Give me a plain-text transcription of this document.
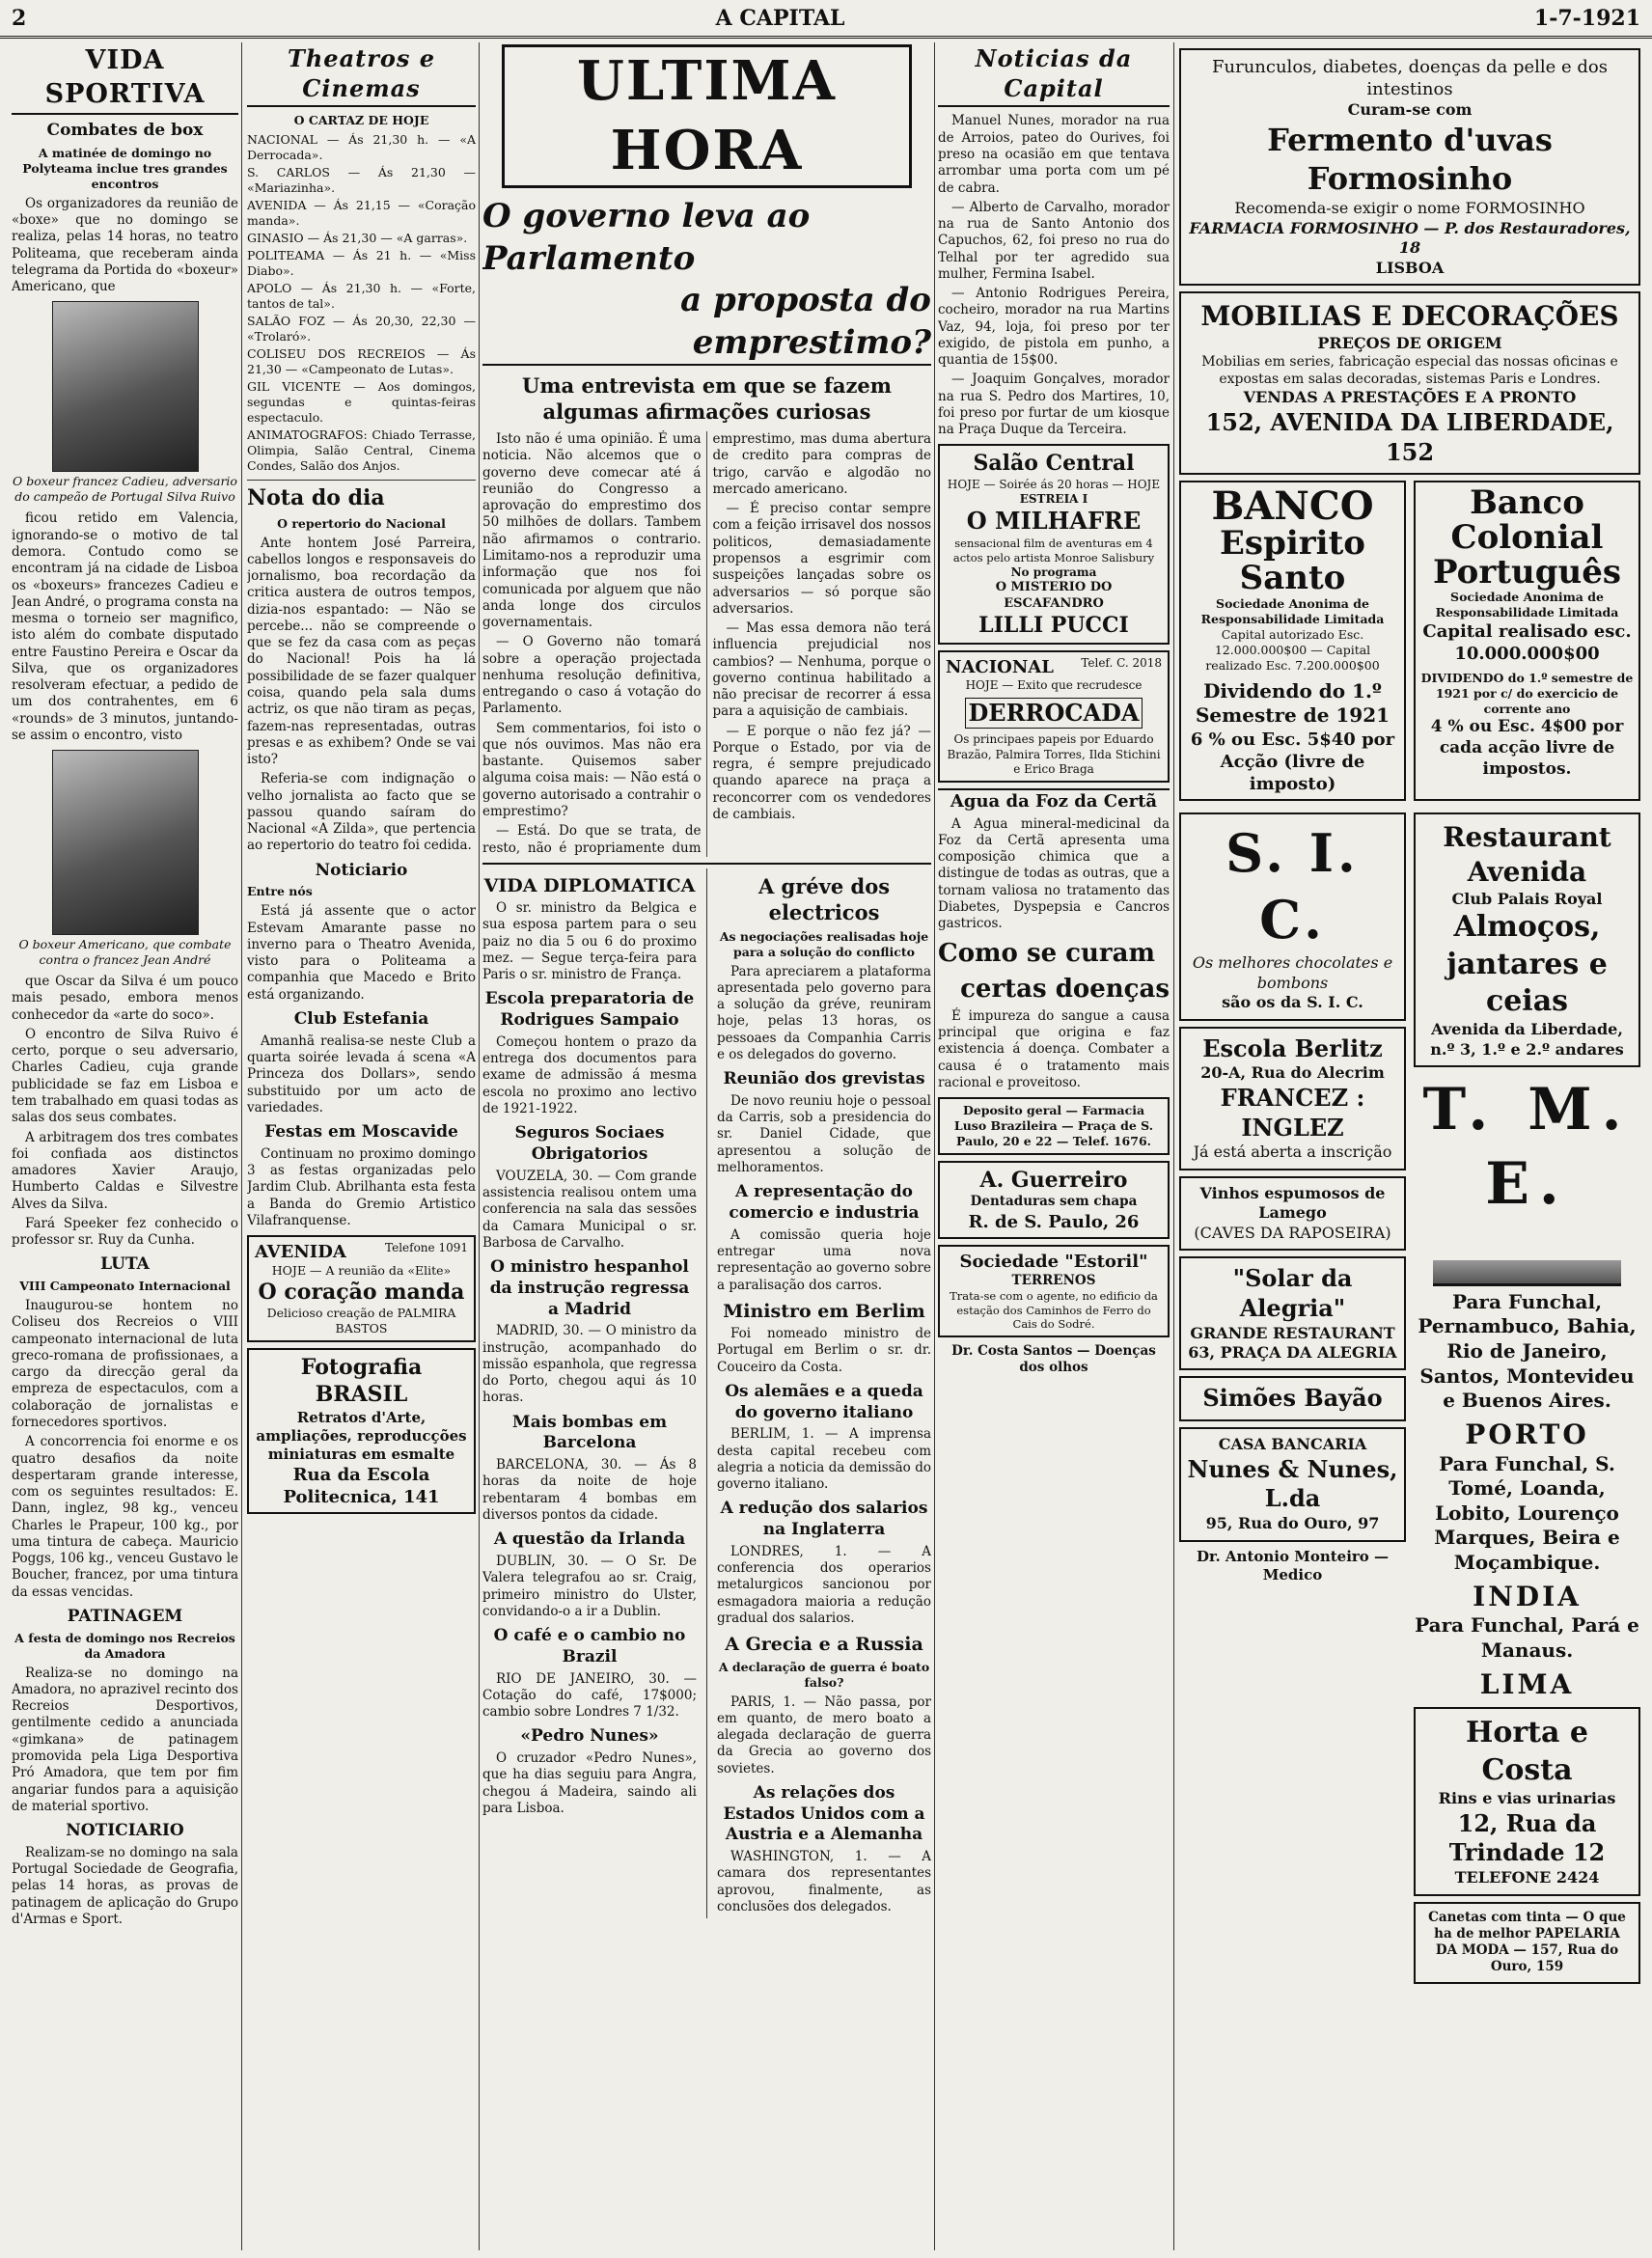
2	A CAPITAL	1-7-1921
VIDA SPORTIVA
Combates de box
A matinée de domingo no Polyteama inclue tres grandes encontros

Os organizadores da reunião de «boxe» que no domingo se realiza, pelas 14 horas, no teatro Politeama, que receberam ainda telegrama da Portida do «boxeur» Americano, que

O boxeur francez Cadieu, adversario do campeão de Portugal Silva Ruivo

ficou retido em Valencia, ignorando-se o motivo de tal demora. Contudo como se encontram já na cidade de Lisboa os «boxeurs» francezes Cadieu e Jean André, o programa consta na mesma o torneio ser magnifico, isto além do combate disputado entre Faustino Pereira e Oscar da Silva, que os organizadores resolveram efectuar, a pedido de um dos contrahentes, em 6 «rounds» de 3 minutos, juntando-se assim o encontro, visto

O boxeur Americano, que combate contra o francez Jean André

que Oscar da Silva é um pouco mais pesado, embora menos conhecedor da «arte do soco».

O encontro de Silva Ruivo é certo, porque o seu adversario, Charles Cadieu, cuja grande publicidade se faz em Lisboa e tem trabalhado em quasi todas as salas dos seus combates.

A arbitragem dos tres combates foi confiada aos distinctos amadores Xavier Araujo, Humberto Caldas e Silvestre Alves da Silva.

Fará Speeker fez conhecido o professor sr. Ruy da Cunha.

LUTA
VIII Campeonato Internacional

Inaugurou-se hontem no Coliseu dos Recreios o VIII campeonato internacional de luta greco-romana de profissionaes, a cargo da direcção geral da empreza de espectaculos, com a colaboração de jornalistas e fornecedores sportivos.

A concorrencia foi enorme e os quatro desafios da noite despertaram grande interesse, com os seguintes resultados: E. Dann, inglez, 98 kg., venceu Charles le Prapeur, 100 kg., por uma tintura de cabeça. Mauricio Poggs, 106 kg., venceu Gustavo le Boucher, francez, por uma tintura da essas vencidas.

PATINAGEM
A festa de domingo nos Recreios da Amadora

Realiza-se no domingo na Amadora, no aprazivel recinto dos Recreios Desportivos, gentilmente cedido a anunciada «gimkana» de patinagem promovida pela Liga Desportiva Pró Amadora, que tem por fim angariar fundos para a aquisição de material sportivo.

NOTICIARIO

Realizam-se no domingo na sala Portugal Sociedade de Geografia, pelas 14 horas, as provas de patinagem de aplicação do Grupo d'Armas e Sport.

Theatros e Cinemas
O CARTAZ DE HOJE
NACIONAL — Ás 21,30 h. — «A Derrocada».
S. CARLOS — Ás 21,30 — «Mariazinha».
AVENIDA — Ás 21,15 — «Coração manda».
GINASIO — Ás 21,30 — «A garras».
POLITEAMA — Ás 21 h. — «Miss Diabo».
APOLO — Ás 21,30 h. — «Forte, tantos de tal».
SALÃO FOZ — Ás 20,30, 22,30 — «Trolaró».
COLISEU DOS RECREIOS — Ás 21,30 — «Campeonato de Lutas».
GIL VICENTE — Aos domingos, segundas e quintas-feiras espectaculo.
ANIMATOGRAFOS: Chiado Terrasse, Olimpia, Salão Central, Cinema Condes, Salão dos Anjos.
Nota do dia
O repertorio do Nacional

Ante hontem José Parreira, cabellos longos e responsaveis do jornalismo, boa recordação da critica austera de outros tempos, dizia-nos espantado: — Não se percebe... não se compreende o que se fez da casa com as peças do Nacional! Pois ha lá possibilidade de se fazer qualquer coisa, quando pela sala dums actriz, os que não tiram as peças, fazem-nas representadas, outras presas e as exhibem? Onde se vai isto?

Referia-se com indignação o velho jornalista ao facto que se passou quando saíram do Nacional «A Zilda», que pertencia ao repertorio do teatro foi cedida.

Noticiario
Entre nós

Está já assente que o actor Estevam Amarante passe no inverno para o Theatro Avenida, visto para o Politeama a companhia que Macedo e Brito está organizando.

Club Estefania

Amanhã realisa-se neste Club a quarta soirée levada á scena «A Princeza dos Dollars», sendo substituido por um acto de variedades.

Festas em Moscavide

Continuam no proximo domingo 3 as festas organizadas pelo Jardim Club. Abrilhanta esta festa a Banda do Gremio Artistico Vilafranquense.

AVENIDA	Telefone 1091
HOJE — A reunião da «Elite»
O coração manda
Delicioso creação de PALMIRA BASTOS
Fotografia BRASIL
Retratos d'Arte, ampliações, reproducções miniaturas em esmalte
Rua da Escola Politecnica, 141
ULTIMA HORA
O governo leva ao Parlamento
a proposta do emprestimo?
Uma entrevista em que se fazem algumas afirmações curiosas

Isto não é uma opinião. É uma noticia. Não alcemos que o governo deve comecar até á reunião do Congresso a aprovação do emprestimo dos 50 milhões de dollars. Tambem não afirmamos o contrario. Limitamo-nos a reproduzir uma informação que nos foi comunicada por alguem que não anda longe dos circulos governamentais.

— O Governo não tomará sobre a operação projectada nenhuma resolução definitiva, entregando o caso á votação do Parlamento.

Sem commentarios, foi isto o que nós ouvimos. Mas não era bastante. Quisemos saber alguma coisa mais: — Não está o governo autorisado a contrahir o emprestimo?

— Está. Do que se trata, de resto, não é propriamente dum emprestimo, mas duma abertura de credito para compras de trigo, carvão e algodão no mercado americano.

— É preciso contar sempre com a feição irrisavel dos nossos politicos, demasiadamente propensos a esgrimir com suspeições lançadas sobre os adversarios — só porque são adversarios.

— Mas essa demora não terá influencia prejudicial nos cambios? — Nenhuma, porque o governo continua habilitado a não precisar de recorrer á essa para a aquisição de cambiais.

— E porque o não fez já? — Porque o Estado, por via de regra, é sempre prejudicado quando aparece na praça a reconcorrer com os vendedores de cambiais.

VIDA DIPLOMATICA

O sr. ministro da Belgica e sua esposa partem para o seu paiz no dia 5 ou 6 do proximo mez. — Segue terça-feira para Paris o sr. ministro de França.

Escola preparatoria de Rodrigues Sampaio

Começou hontem o prazo da entrega dos documentos para exame de admissão á mesma escola no proximo ano lectivo de 1921-1922.

Seguros Sociaes Obrigatorios

VOUZELA, 30. — Com grande assistencia realisou ontem uma conferencia na sala das sessões da Camara Municipal o sr. Barbosa de Carvalho.

O ministro hespanhol da instrução regressa a Madrid

MADRID, 30. — O ministro da instrução, acompanhado do missão espanhola, que regressa do Porto, chegou aqui ás 10 horas.

Mais bombas em Barcelona

BARCELONA, 30. — Ás 8 horas da noite de hoje rebentaram 4 bombas em diversos pontos da cidade.

A questão da Irlanda

DUBLIN, 30. — O Sr. De Valera telegrafou ao sr. Craig, primeiro ministro do Ulster, convidando-o a ir a Dublin.

O café e o cambio no Brazil

RIO DE JANEIRO, 30. — Cotação do café, 17$000; cambio sobre Londres 7 1/32.

«Pedro Nunes»

O cruzador «Pedro Nunes», que ha dias seguiu para Angra, chegou á Madeira, saindo ali para Lisboa.

A gréve dos electricos
As negociações realisadas hoje para a solução do conflicto

Para apreciarem a plataforma apresentada pelo governo para a solução da gréve, reuniram hoje, pelas 13 horas, os pessoaes da Companhia Carris e os delegados do governo.

Reunião dos grevistas

De novo reuniu hoje o pessoal da Carris, sob a presidencia do sr. Daniel Cidade, que apresentou a solução de melhoramentos.

A representação do comercio e industria

A comissão queria hoje entregar uma nova representação ao governo sobre a paralisação dos carros.

Ministro em Berlim

Foi nomeado ministro de Portugal em Berlim o sr. dr. Couceiro da Costa.

Os alemães e a queda do governo italiano

BERLIM, 1. — A imprensa desta capital recebeu com alegria a noticia da demissão do governo italiano.

A redução dos salarios na Inglaterra

LONDRES, 1. — A conferencia dos operarios metalurgicos sancionou por esmagadora maioria a redução gradual dos salarios.

A Grecia e a Russia
A declaração de guerra é boato falso?

PARIS, 1. — Não passa, por em quanto, de mero boato a alegada declaração de guerra da Grecia ao governo dos sovietes.

As relações dos Estados Unidos com a Austria e a Alemanha

WASHINGTON, 1. — A camara dos representantes aprovou, finalmente, as conclusões dos delegados.

Noticias da Capital

Manuel Nunes, morador na rua de Arroios, pateo do Ourives, foi preso na ocasião em que tentava arrombar uma porta com um pé de cabra.

— Alberto de Carvalho, morador na rua de Santo Antonio dos Capuchos, 62, foi preso no rua do Telhal por ter agredido sua mulher, Fermina Isabel.

— Antonio Rodrigues Pereira, cocheiro, morador na rua Martins Vaz, 94, loja, foi preso por ter exigido, de pistola em punho, a quantia de 15$00.

— Joaquim Gonçalves, morador na rua S. Pedro dos Martires, 10, foi preso por furtar de um kiosque na Praça Duque da Terceira.

Salão Central
HOJE — Soirée ás 20 horas — HOJE
ESTREIA I
O MILHAFRE
sensacional film de aventuras em 4 actos pelo artista Monroe Salisbury
No programa
O MISTERIO DO ESCAFANDRO
LILLI PUCCI
NACIONAL Telef. C. 2018
HOJE — Exito que recrudesce
DERROCADA
Os principaes papeis por Eduardo Brazão, Palmira Torres, Ilda Stichini e Erico Braga
Agua da Foz da Certã

A Agua mineral-medicinal da Foz da Certã apresenta uma composição chimica que a distingue de todas as outras, que a tornam valiosa no tratamento das Diabetes, Dyspepsia e Cancros gastricos.

Como se curam
certas doenças

É impureza do sangue a causa principal que origina e faz existencia á doença. Combater a causa é o tratamento mais racional e proveitoso.

Deposito geral — Farmacia Luso Brazileira — Praça de S. Paulo, 20 e 22 — Telef. 1676.
A. Guerreiro
Dentaduras sem chapa
R. de S. Paulo, 26
Sociedade "Estoril"
TERRENOS
Trata-se com o agente, no edificio da estação dos Caminhos de Ferro do Cais do Sodré.
Dr. Costa Santos — Doenças dos olhos
Furunculos, diabetes, doenças da pelle e dos intestinos
Curam-se com
Fermento d'uvas Formosinho
Recomenda-se exigir o nome FORMOSINHO
FARMACIA FORMOSINHO — P. dos Restauradores, 18
LISBOA
MOBILIAS E DECORAÇÕES
PREÇOS DE ORIGEM
Mobilias em series, fabricação especial das nossas oficinas e expostas em salas decoradas, sistemas Paris e Londres.
VENDAS A PRESTAÇÕES E A PRONTO
152, AVENIDA DA LIBERDADE, 152
BANCO
Espirito Santo
Sociedade Anonima de Responsabilidade Limitada
Capital autorizado Esc. 12.000.000$00 — Capital realizado Esc. 7.200.000$00
Dividendo do 1.º Semestre de 1921
6 % ou Esc. 5$40 por Acção (livre de imposto)
Banco Colonial Português
Sociedade Anonima de Responsabilidade Limitada
Capital realisado esc. 10.000.000$00
DIVIDENDO do 1.º semestre de 1921 por c/ do exercicio de corrente ano
4 % ou Esc. 4$00 por cada acção livre de impostos.
S. I. C.
Os melhores chocolates e bombons
são os da S. I. C.
Escola Berlitz
20-A, Rua do Alecrim
FRANCEZ : INGLEZ
Já está aberta a inscrição
Vinhos espumosos de Lamego
(CAVES DA RAPOSEIRA)
"Solar da Alegria"
GRANDE RESTAURANT
63, PRAÇA DA ALEGRIA
Simões Bayão
CASA BANCARIA
Nunes & Nunes, L.da
95, Rua do Ouro, 97
Dr. Antonio Monteiro — Medico
Restaurant Avenida
Club Palais Royal
Almoços, jantares e ceias
Avenida da Liberdade, n.º 3, 1.º e 2.º andares
T. M. E.
Para Funchal, Pernambuco, Bahia, Rio de Janeiro, Santos, Montevideu e Buenos Aires.
PORTO
Para Funchal, S. Tomé, Loanda, Lobito, Lourenço Marques, Beira e Moçambique.
INDIA
Para Funchal, Pará e Manaus.
LIMA
Horta e Costa
Rins e vias urinarias
12, Rua da Trindade 12
TELEFONE 2424
Canetas com tinta — O que ha de melhor PAPELARIA DA MODA — 157, Rua do Ouro, 159
